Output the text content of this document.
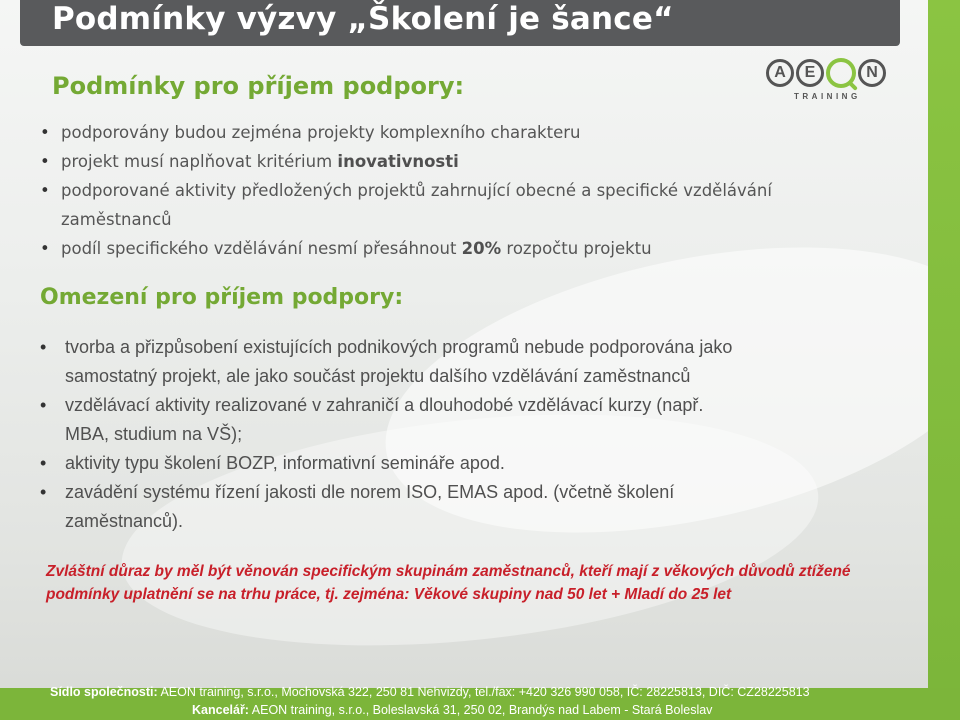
Podmínky výzvy „Školení je šance“
A	E	N
TRAINING
Podmínky pro příjem podpory:
• podporovány budou zejména projekty komplexního charakteru
• projekt musí naplňovat kritérium inovativnosti
• podporované aktivity předložených projektů zahrnující obecné a specifické vzdělávání
zaměstnanců
• podíl specifického vzdělávání nesmí přesáhnout 20% rozpočtu projektu
Omezení pro příjem podpory:
• tvorba a přizpůsobení existujících podnikových programů nebude podporována jako
samostatný projekt, ale jako součást projektu dalšího vzdělávání zaměstnanců
• vzdělávací aktivity realizované v zahraničí a dlouhodobé vzdělávací kurzy (např.
MBA, studium na VŠ);
• aktivity typu školení BOZP, informativní semináře apod.
• zavádění systému řízení jakosti dle norem ISO, EMAS apod. (včetně školení
zaměstnanců).
Zvláštní důraz by měl být věnován specifickým skupinám zaměstnanců, kteří mají z věkových důvodů ztížené
podmínky uplatnění se na trhu práce, tj. zejména: Věkové skupiny nad 50 let + Mladí do 25 let
Sídlo společnosti: AEON training, s.r.o., Mochovská 322, 250 81 Nehvizdy, tel./fax: +420 326 990 058, IČ: 28225813, DIČ: CZ28225813
Kancelář: AEON training, s.r.o., Boleslavská 31, 250 02, Brandýs nad Labem - Stará Boleslav
